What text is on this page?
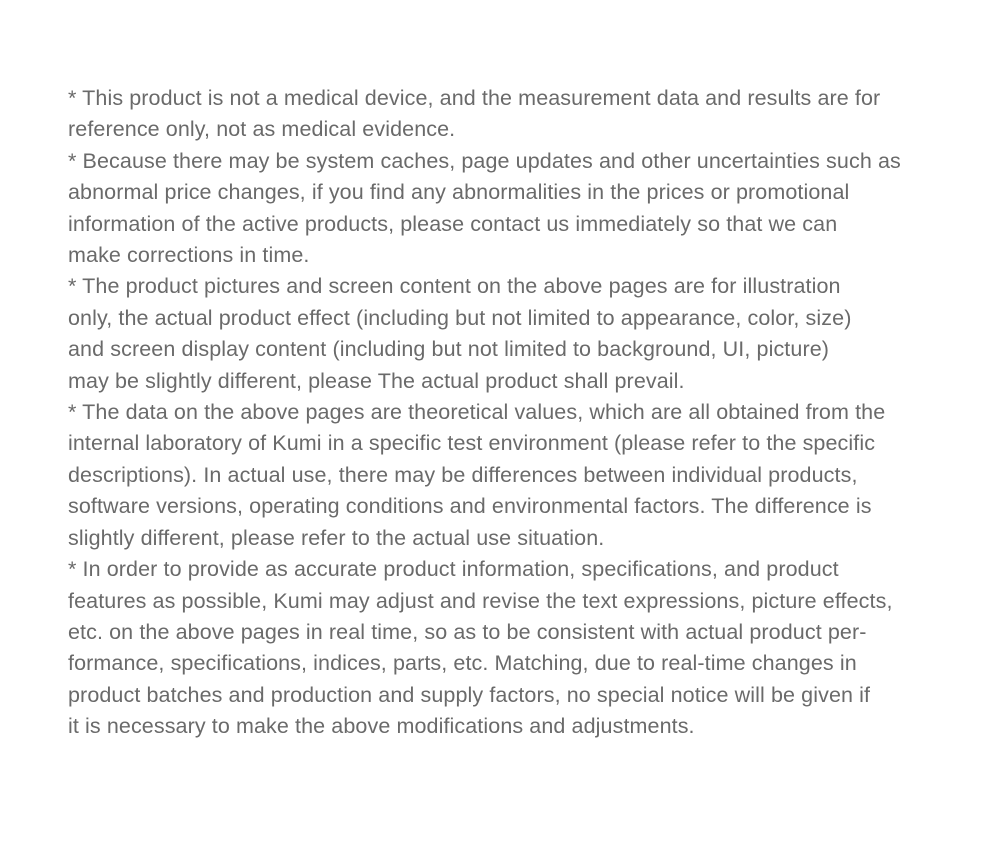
* This product is not a medical device, and the measurement data and results are for
reference only, not as medical evidence.
* Because there may be system caches, page updates and other uncertainties such as
abnormal price changes, if you find any abnormalities in the prices or promotional
information of the active products, please contact us immediately so that we can
make corrections in time.
* The product pictures and screen content on the above pages are for illustration
only, the actual product effect (including but not limited to appearance, color, size)
and screen display content (including but not limited to background, UI, picture)
may be slightly different, please The actual product shall prevail.
* The data on the above pages are theoretical values, which are all obtained from the
internal laboratory of Kumi in a specific test environment (please refer to the specific
descriptions). In actual use, there may be differences between individual products,
software versions, operating conditions and environmental factors. The difference is
slightly different, please refer to the actual use situation.
* In order to provide as accurate product information, specifications, and product
features as possible, Kumi may adjust and revise the text expressions, picture effects,
etc. on the above pages in real time, so as to be consistent with actual product per-
formance, specifications, indices, parts, etc. Matching, due to real-time changes in
product batches and production and supply factors, no special notice will be given if
it is necessary to make the above modifications and adjustments.
